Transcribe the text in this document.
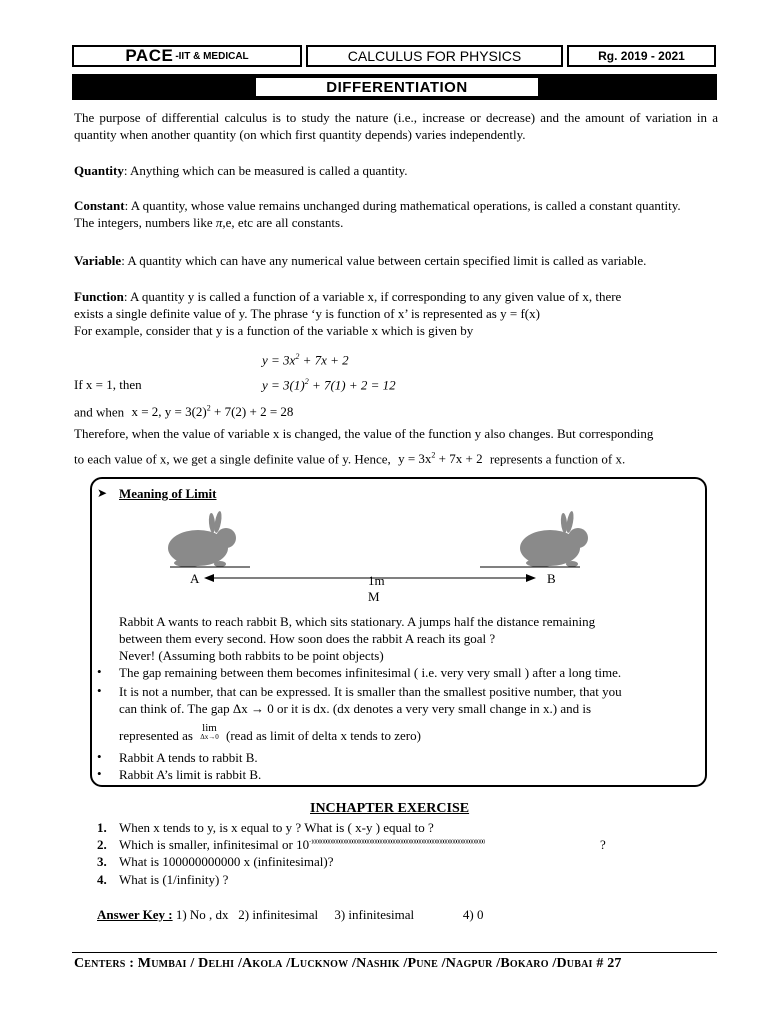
PACE -IIT & MEDICAL	CALCULUS FOR PHYSICS	Rg. 2019 - 2021
DIFFERENTIATION
The purpose of differential calculus is to study the nature (i.e., increase or decrease) and the amount of variation in a quantity when another quantity (on which first quantity depends) varies independently.
Quantity: Anything which can be measured is called a quantity.
Constant: A quantity, whose value remains unchanged during mathematical operations, is called a constant quantity.
The integers, numbers like π,e, etc are all constants.
Variable: A quantity which can have any numerical value between certain specified limit is called as variable.
Function: A quantity y is called a function of a variable x, if corresponding to any given value of x, there
exists a single definite value of y. The phrase ‘y is function of x’ is represented as y = f(x)
For example, consider that y is a function of the variable x which is given by
$y = 3x^2 + 7x + 2$
If x = 1, then	$y = 3(1)^2 + 7(1) + 2 = 12$
and when x = 2, $y = 3(2)^2 + 7(2) + 2 = 28$
Therefore, when the value of variable x is changed, the value of the function y also changes. But corresponding
to each value of x, we get a single definite value of y. Hence, $y = 3x^2 + 7x + 2$ represents a function of x.
➤ Meaning of Limit
A	B
1m
M
Rabbit A wants to reach rabbit B, which sits stationary. A jumps half the distance remaining
between them every second. How soon does the rabbit A reach its goal ?
Never! (Assuming both rabbits to be point objects)
• The gap remaining between them becomes infinitesimal ( i.e. very very small ) after a long time.
• It is not a number, that can be expressed. It is smaller than the smallest positive number, that you
can think of. The gap Δx → 0 or it is dx. (dx denotes a very very small change in x.) and is
represented as lim
Δx→0 (read as limit of delta x tends to zero)
• Rabbit A tends to rabbit B.
• Rabbit A’s limit is rabbit B.
INCHAPTER EXERCISE
1. When x tends to y, is x equal to y ? What is ( x-y ) equal to ?
2. Which is smaller, infinitesimal or $10^{-1000000000000000000000000000000000000000000000000000000000000000000}$	?
3. What is 100000000000 x (infinitesimal)?
4. What is (1/infinity) ?
Answer Key : 1) No , dx   2) infinitesimal     3) infinitesimal               4) 0
Centers : Mumbai / Delhi /Akola /Lucknow /Nashik /Pune /Nagpur /Bokaro /Dubai # 27
